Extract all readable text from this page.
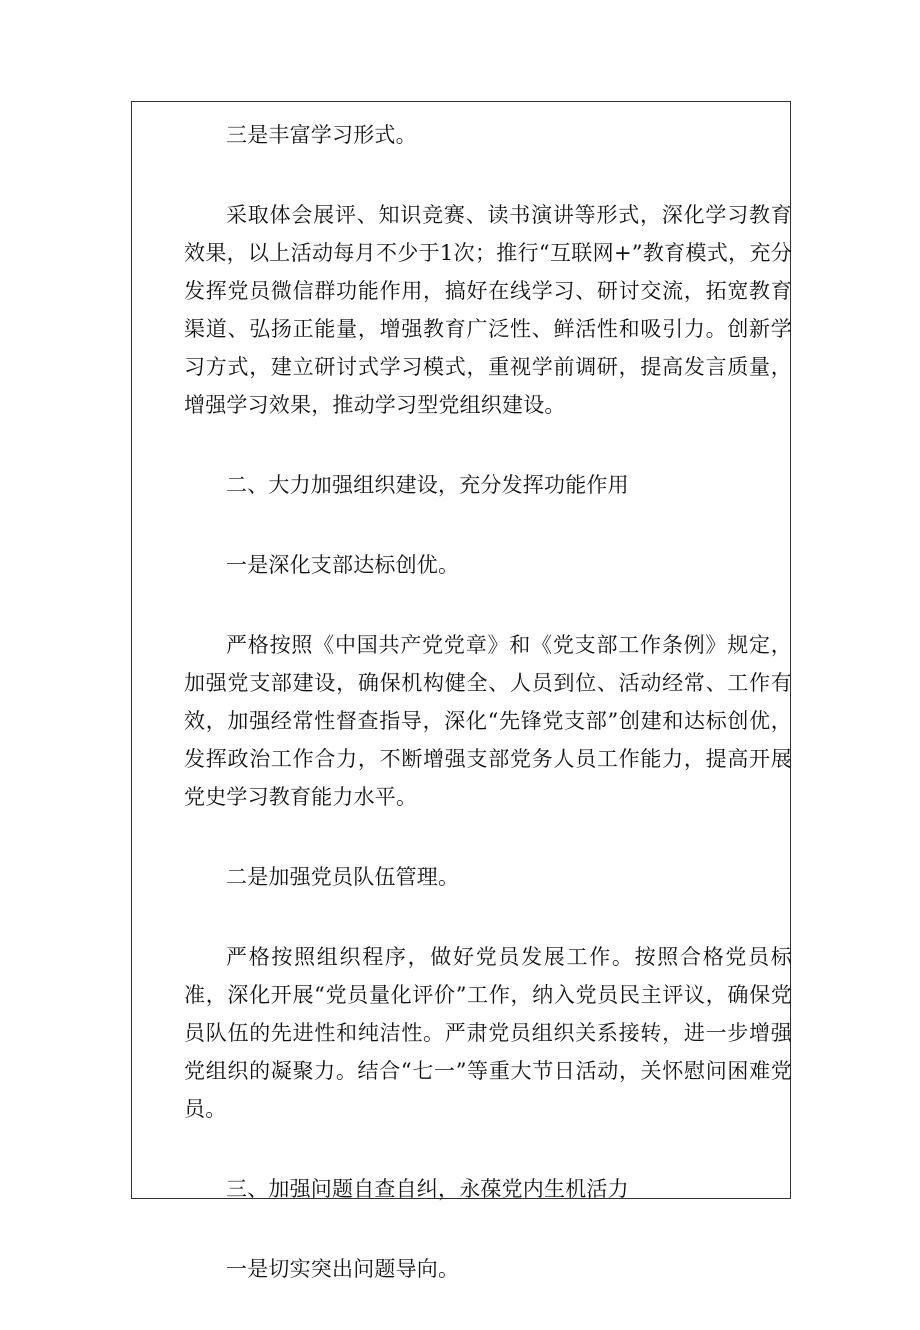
三是丰富学习形式。

采取体会展评、知识竞赛、读书演讲等形式，深化学习教育效果，以上活动每月不少于1次；推行“互联网+”教育模式，充分发挥党员微信群功能作用，搞好在线学习、研讨交流，拓宽教育渠道、弘扬正能量，增强教育广泛性、鲜活性和吸引力。创新学习方式，建立研讨式学习模式，重视学前调研，提高发言质量，增强学习效果，推动学习型党组织建设。

二、大力加强组织建设，充分发挥功能作用

一是深化支部达标创优。

严格按照《中国共产党党章》和《党支部工作条例》规定，加强党支部建设，确保机构健全、人员到位、活动经常、工作有效，加强经常性督查指导，深化“先锋党支部”创建和达标创优，发挥政治工作合力，不断增强支部党务人员工作能力，提高开展党史学习教育能力水平。

二是加强党员队伍管理。

严格按照组织程序，做好党员发展工作。按照合格党员标准，深化开展“党员量化评价”工作，纳入党员民主评议，确保党员队伍的先进性和纯洁性。严肃党员组织关系接转，进一步增强党组织的凝聚力。结合“七一”等重大节日活动，关怀慰问困难党员。

三、加强问题自查自纠，永葆党内生机活力

一是切实突出问题导向。
